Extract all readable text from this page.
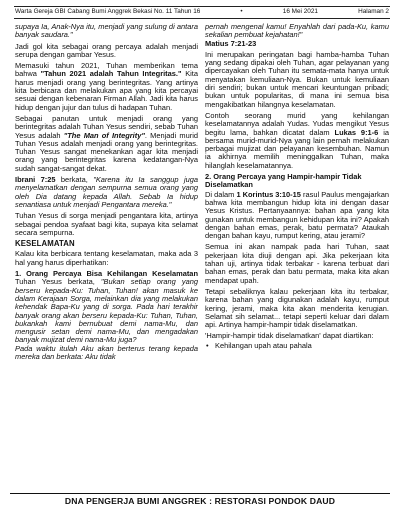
Warta Gereja GBI Cabang Bumi Anggrek Bekasi No. 11 Tahun 16	•	16 Mei 2021	Halaman 2

supaya Ia, Anak-Nya itu, menjadi yang sulung di antara banyak saudara."

Jadi gol kita sebagai orang percaya adalah menjadi serupa dengan gambar Yesus.

Memasuki tahun 2021, Tuhan memberikan tema bahwa "Tahun 2021 adalah Tahun Integritas." Kita harus menjadi orang yang berintegritas. Yang artinya kita berbicara dan melakukan apa yang kita percayai sesuai dengan kebenaran Firman Allah. Jadi kita harus hidup dengan jujur dan tulus di hadapan Tuhan.

Sebagai panutan untuk menjadi orang yang berintegritas adalah Tuhan Yesus sendiri, sebab Tuhan Yesus adalah "The Man of Integrity". Menjadi murid Tuhan Yesus adalah menjadi orang yang berintegritas. Tuhan Yesus sangat menekankan agar kita menjadi orang yang berintegritas karena kedatangan-Nya sudah sangat-sangat dekat.

Ibrani 7:25 berkata, "Karena itu Ia sanggup juga menyelamatkan dengan sempurna semua orang yang oleh Dia datang kepada Allah. Sebab Ia hidup senantiasa untuk menjadi Pengantara mereka."

Tuhan Yesus di sorga menjadi pengantara kita, artinya sebagai pendoa syafaat bagi kita, supaya kita selamat secara sempurna.

KESELAMATAN

Kalau kita berbicara tentang keselamatan, maka ada 3 hal yang harus diperhatikan:

1. Orang Percaya Bisa Kehilangan Keselamatan Tuhan Yesus berkata, "Bukan setiap orang yang berseru kepada-Ku: Tuhan, Tuhan! akan masuk ke dalam Kerajaan Sorga, melainkan dia yang melakukan kehendak Bapa-Ku yang di sorga. Pada hari terakhir banyak orang akan berseru kepada-Ku: Tuhan, Tuhan, bukankah kami bernubuat demi nama-Mu, dan mengusir setan demi nama-Mu, dan mengadakan banyak mujizat demi nama-Mu juga?

Pada waktu itulah Aku akan berterus terang kepada mereka dan berkata: Aku tidak

pernah mengenal kamu! Enyahlah dari pada-Ku, kamu sekalian pembuat kejahatan!"

Matius 7:21-23

Ini merupakan peringatan bagi hamba-hamba Tuhan yang sedang dipakai oleh Tuhan, agar pelayanan yang dipercayakan oleh Tuhan itu semata-mata hanya untuk menyatakan kemuliaan-Nya. Bukan untuk kemuliaan diri sendiri; bukan untuk mencari keuntungan pribadi; bukan untuk popularitas, di mana ini semua bisa mengakibatkan hilangnya keselamatan.

Contoh seorang murid yang kehilangan keselamatannya adalah Yudas. Yudas mengikut Yesus begitu lama, bahkan dicatat dalam Lukas 9:1-6 ia bersama murid-murid-Nya yang lain pernah melakukan perbagai mujizat dan pelayanan kesembuhan. Namun ia akhirnya memilih meninggalkan Tuhan, maka hilanglah keselamatannya.

2. Orang Percaya yang Hampir-hampir Tidak Diselamatkan

Di dalam 1 Korintus 3:10-15 rasul Paulus mengajarkan bahwa kita membangun hidup kita ini dengan dasar Yesus Kristus. Pertanyaannya: bahan apa yang kita gunakan untuk membangun kehidupan kita ini? Apakah dengan bahan emas, perak, batu permata? Ataukah dengan bahan kayu, rumput kering, atau jerami?

Semua ini akan nampak pada hari Tuhan, saat pekerjaan kita diuji dengan api. Jika pekerjaan kita tahan uji, artinya tidak terbakar - karena terbuat dari bahan emas, perak dan batu permata, maka kita akan mendapat upah.

Tetapi sebaliknya kalau pekerjaan kita itu terbakar, karena bahan yang digunakan adalah kayu, rumput kering, jerami, maka kita akan menderita kerugian. Selamat sih selamat... tetapi seperti keluar dari dalam api. Artinya hampir-hampir tidak diselamatkan.

'Hampir-hampir tidak diselamatkan' dapat diartikan:

• Kehilangan upah atau pahala
DNA PENGERJA BUMI ANGGREK : RESTORASI PONDOK DAUD
